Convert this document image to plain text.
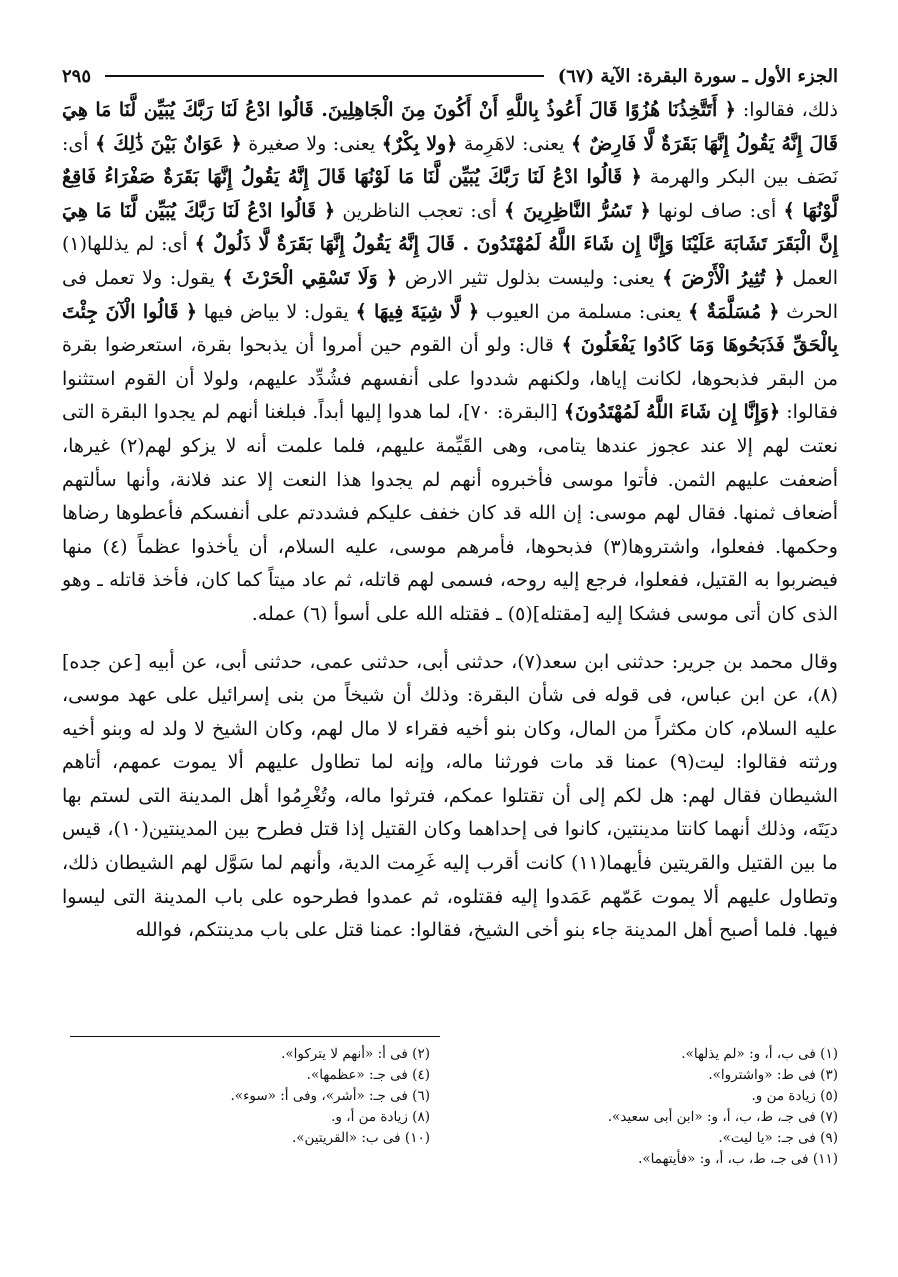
الجزء الأول ـ سورة البقرة: الآية (٦٧)
٢٩٥

ذلك، فقالوا: ﴿ أَتَتَّخِذُنَا هُزُوًا قَالَ أَعُوذُ بِاللَّهِ أَنْ أَكُونَ مِنَ الْجَاهِلِينَ. قَالُوا ادْعُ لَنَا رَبَّكَ يُبَيِّن لَّنَا مَا هِيَ قَالَ إِنَّهُ يَقُولُ إِنَّهَا بَقَرَةٌ لَّا فَارِضٌ ﴾ يعنى: لاهَرِمة ﴿ولا بِكْرٌ﴾ يعنى: ولا صغيرة ﴿ عَوَانٌ بَيْنَ ذَٰلِكَ ﴾ أى: نَصَف بين البكر والهرمة ﴿ قَالُوا ادْعُ لَنَا رَبَّكَ يُبَيِّن لَّنَا مَا لَوْنُهَا قَالَ إِنَّهُ يَقُولُ إِنَّهَا بَقَرَةٌ صَفْرَاءُ فَاقِعٌ لَّوْنُهَا ﴾ أى: صاف لونها ﴿ تَسُرُّ النَّاظِرِينَ ﴾ أى: تعجب الناظرين ﴿ قَالُوا ادْعُ لَنَا رَبَّكَ يُبَيِّن لَّنَا مَا هِيَ إِنَّ الْبَقَرَ تَشَابَهَ عَلَيْنَا وَإِنَّا إِن شَاءَ اللَّهُ لَمُهْتَدُونَ . قَالَ إِنَّهُ يَقُولُ إِنَّهَا بَقَرَةٌ لَّا ذَلُولٌ ﴾ أى: لم يذللها(١) العمل ﴿ تُثِيرُ الْأَرْضَ ﴾ يعنى: وليست بذلول تثير الارض ﴿ وَلَا تَسْقِي الْحَرْثَ ﴾ يقول: ولا تعمل فى الحرث ﴿ مُسَلَّمَةٌ ﴾ يعنى: مسلمة من العيوب ﴿ لَّا شِيَةَ فِيهَا ﴾ يقول: لا بياض فيها ﴿ قَالُوا الْآنَ جِئْتَ بِالْحَقِّ فَذَبَحُوهَا وَمَا كَادُوا يَفْعَلُونَ ﴾ قال: ولو أن القوم حين أمروا أن يذبحوا بقرة، استعرضوا بقرة من البقر فذبحوها، لكانت إياها، ولكنهم شددوا على أنفسهم فشُدِّد عليهم، ولولا أن القوم استثنوا فقالوا: ﴿وَإِنَّا إِن شَاءَ اللَّهُ لَمُهْتَدُونَ﴾ [البقرة: ٧٠]، لما هدوا إليها أبداً. فبلغنا أنهم لم يجدوا البقرة التى نعتت لهم إلا عند عجوز عندها يتامى، وهى القَيِّمة عليهم، فلما علمت أنه لا يزكو لهم(٢) غيرها، أضعفت عليهم الثمن. فأتوا موسى فأخبروه أنهم لم يجدوا هذا النعت إلا عند فلانة، وأنها سألتهم أضعاف ثمنها. فقال لهم موسى: إن الله قد كان خفف عليكم فشددتم على أنفسكم فأعطوها رضاها وحكمها. ففعلوا، واشتروها(٣) فذبحوها، فأمرهم موسى، عليه السلام، أن يأخذوا عظماً (٤) منها فيضربوا به القتيل، ففعلوا، فرجع إليه روحه، فسمى لهم قاتله، ثم عاد ميتاً كما كان، فأخذ قاتله ـ وهو الذى كان أتى موسى فشكا إليه [مقتله](٥) ـ فقتله الله على أسوأ (٦) عمله.

وقال محمد بن جرير: حدثنى ابن سعد(٧)، حدثنى أبى، حدثنى عمى، حدثنى أبى، عن أبيه [عن جده](٨)، عن ابن عباس، فى قوله فى شأن البقرة: وذلك أن شيخاً من بنى إسرائيل على عهد موسى، عليه السلام، كان مكثراً من المال، وكان بنو أخيه فقراء لا مال لهم، وكان الشيخ لا ولد له وبنو أخيه ورثته فقالوا: ليت(٩) عمنا قد مات فورثنا ماله، وإنه لما تطاول عليهم ألا يموت عمهم، أتاهم الشيطان فقال لهم: هل لكم إلى أن تقتلوا عمكم، فترثوا ماله، وتُغْرِمُوا أهل المدينة التى لستم بها ديَتَه، وذلك أنهما كانتا مدينتين، كانوا فى إحداهما وكان القتيل إذا قتل فطرح بين المدينتين(١٠)، قيس ما بين القتيل والقريتين فأيهما(١١) كانت أقرب إليه غَرِمت الدية، وأنهم لما سَوَّل لهم الشيطان ذلك، وتطاول عليهم ألا يموت عَمّهم عَمَدوا إليه فقتلوه، ثم عمدوا فطرحوه على باب المدينة التى ليسوا فيها. فلما أصبح أهل المدينة جاء بنو أخى الشيخ، فقالوا: عمنا قتل على باب مدينتكم، فوالله

(١) فى ب، أ، و: «لم يذلها».
(٣) فى ط: «واشتروا».
(٥) زيادة من و.
(٧) فى جـ، ط، ب، أ، و: «ابن أبى سعيد».
(٩) فى جـ: «يا ليت».
(١١) فى جـ، ط، ب، أ، و: «فأيتهما».
(٢) فى أ: «أنهم لا يتركوا».
(٤) فى جـ: «عظمها».
(٦) فى جـ: «أشر»، وفى أ: «سوء».
(٨) زيادة من أ، و.
(١٠) فى ب: «القريتين».
